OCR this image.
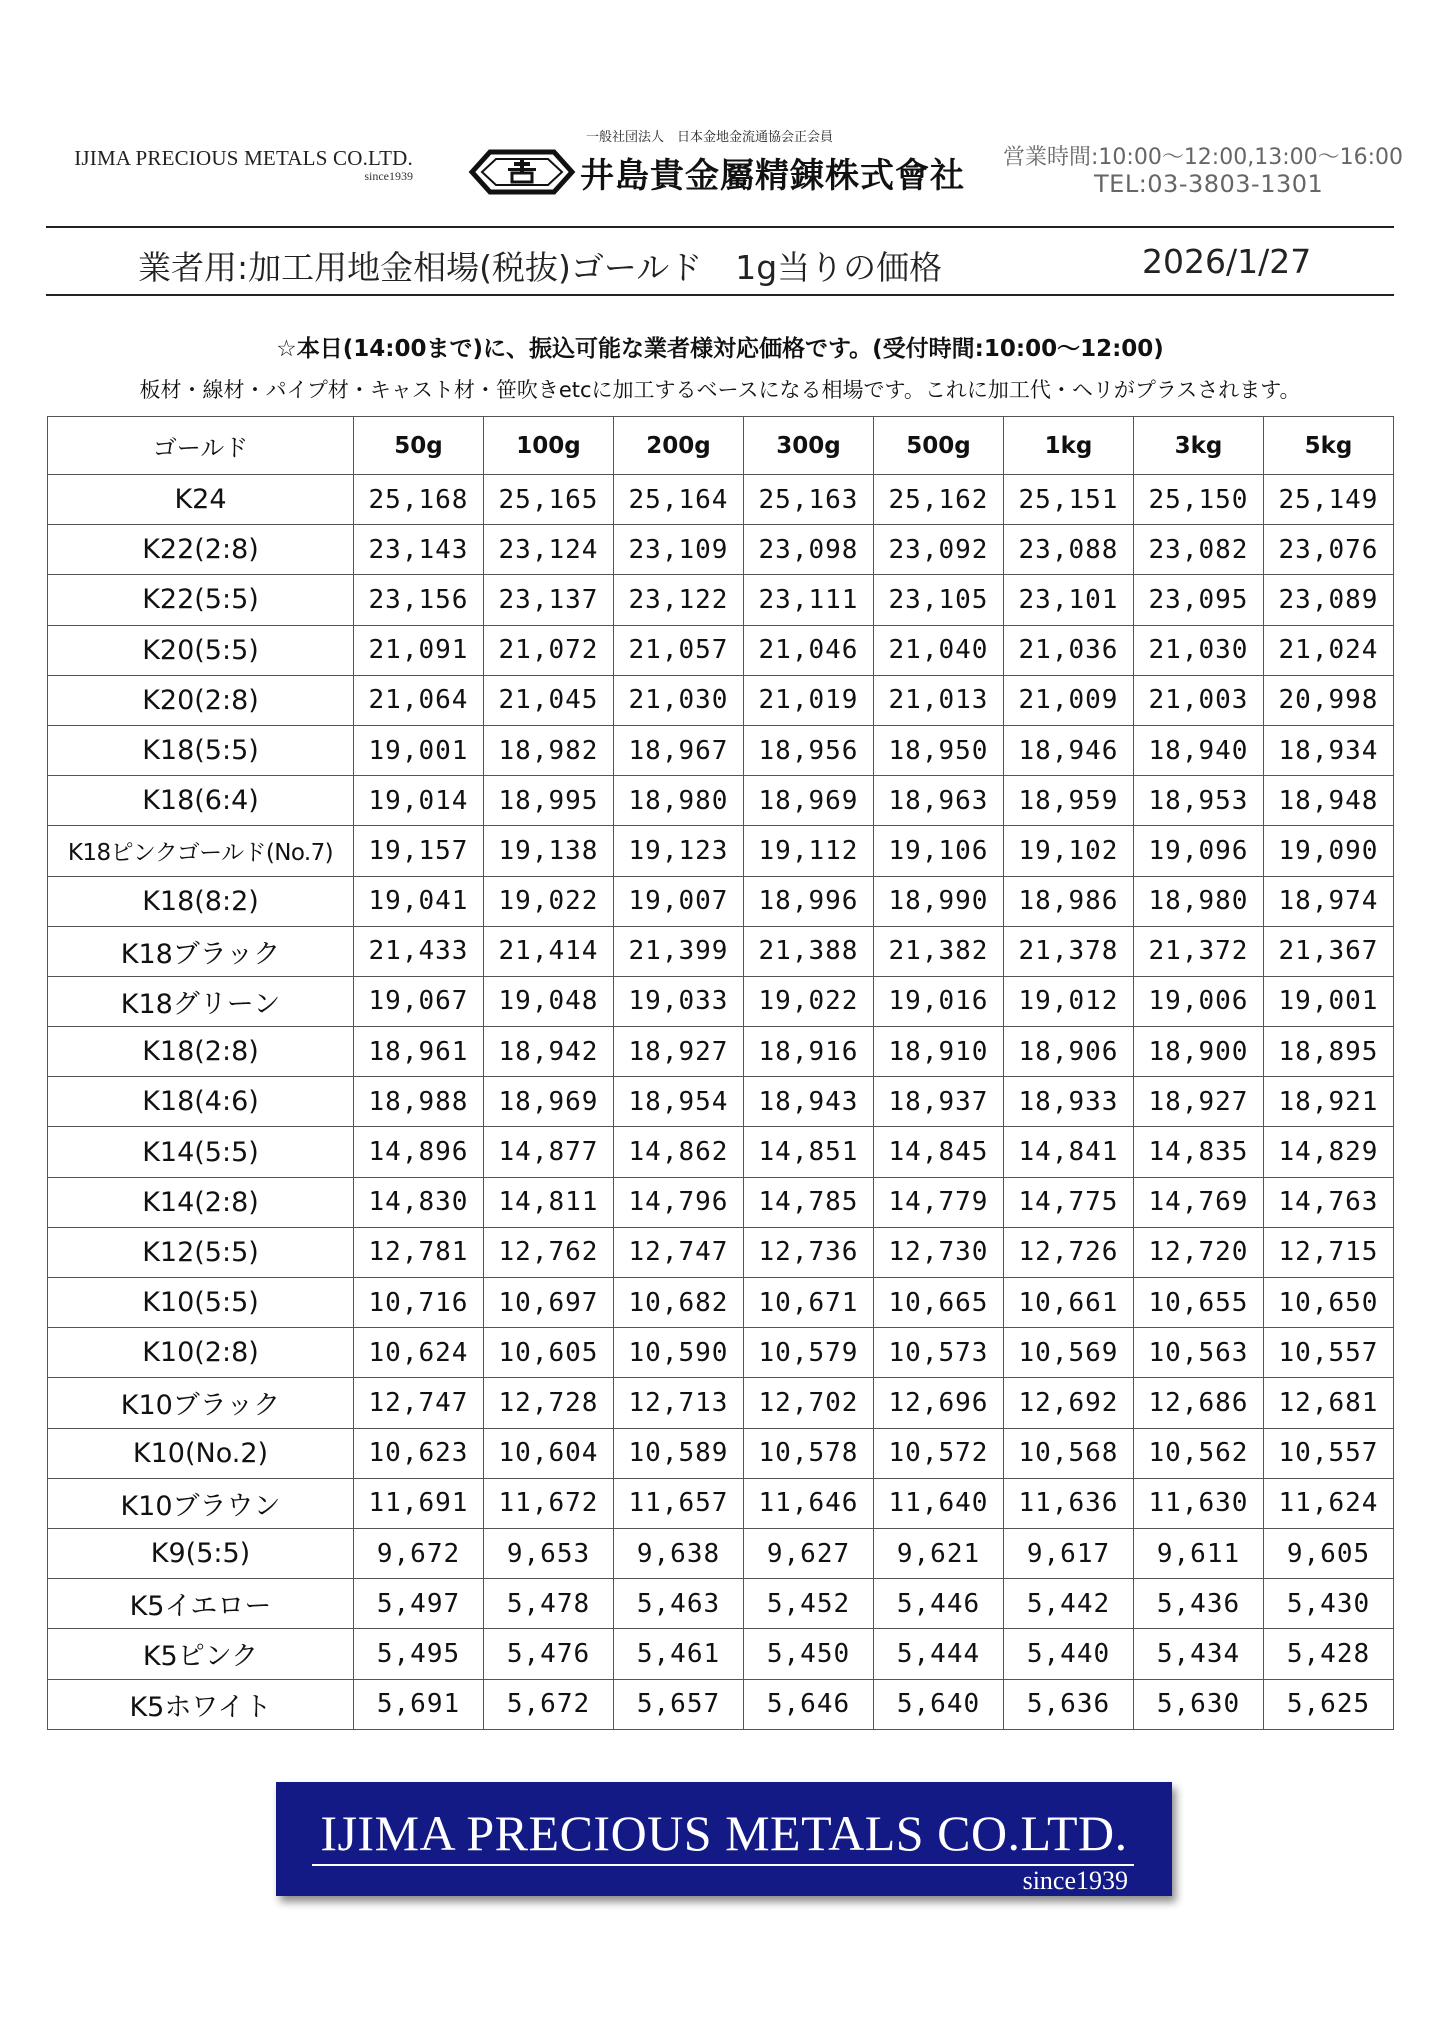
IJIMA PRECIOUS METALS CO.LTD.
since1939
一般社団法人　日本金地金流通協会正会員
井島貴金屬精錬株式會社 営業時間:10:00～12:00,13:00～16:00
TEL:03-3803-1301
業者用:加工用地金相場(税抜)ゴールド　1g当りの価格	2026/1/27
☆本日(14:00まで)に、振込可能な業者様対応価格です。(受付時間:10:00～12:00)
板材・線材・パイプ材・キャスト材・笹吹きetcに加工するベースになる相場です。これに加工代・ヘリがプラスされます。
ゴールド	50g	100g	200g	300g	500g	1kg	3kg	5kg
K24	25,168	25,165	25,164	25,163	25,162	25,151	25,150	25,149
K22(2:8)	23,143	23,124	23,109	23,098	23,092	23,088	23,082	23,076
K22(5:5)	23,156	23,137	23,122	23,111	23,105	23,101	23,095	23,089
K20(5:5)	21,091	21,072	21,057	21,046	21,040	21,036	21,030	21,024
K20(2:8)	21,064	21,045	21,030	21,019	21,013	21,009	21,003	20,998
K18(5:5)	19,001	18,982	18,967	18,956	18,950	18,946	18,940	18,934
K18(6:4)	19,014	18,995	18,980	18,969	18,963	18,959	18,953	18,948
K18ピンクゴールド(No.7)	19,157	19,138	19,123	19,112	19,106	19,102	19,096	19,090
K18(8:2)	19,041	19,022	19,007	18,996	18,990	18,986	18,980	18,974
K18ブラック	21,433	21,414	21,399	21,388	21,382	21,378	21,372	21,367
K18グリーン	19,067	19,048	19,033	19,022	19,016	19,012	19,006	19,001
K18(2:8)	18,961	18,942	18,927	18,916	18,910	18,906	18,900	18,895
K18(4:6)	18,988	18,969	18,954	18,943	18,937	18,933	18,927	18,921
K14(5:5)	14,896	14,877	14,862	14,851	14,845	14,841	14,835	14,829
K14(2:8)	14,830	14,811	14,796	14,785	14,779	14,775	14,769	14,763
K12(5:5)	12,781	12,762	12,747	12,736	12,730	12,726	12,720	12,715
K10(5:5)	10,716	10,697	10,682	10,671	10,665	10,661	10,655	10,650
K10(2:8)	10,624	10,605	10,590	10,579	10,573	10,569	10,563	10,557
K10ブラック	12,747	12,728	12,713	12,702	12,696	12,692	12,686	12,681
K10(No.2)	10,623	10,604	10,589	10,578	10,572	10,568	10,562	10,557
K10ブラウン	11,691	11,672	11,657	11,646	11,640	11,636	11,630	11,624
K9(5:5)	9,672	9,653	9,638	9,627	9,621	9,617	9,611	9,605
K5イエロー	5,497	5,478	5,463	5,452	5,446	5,442	5,436	5,430
K5ピンク	5,495	5,476	5,461	5,450	5,444	5,440	5,434	5,428
K5ホワイト	5,691	5,672	5,657	5,646	5,640	5,636	5,630	5,625
IJIMA PRECIOUS METALS CO.LTD.
since1939
